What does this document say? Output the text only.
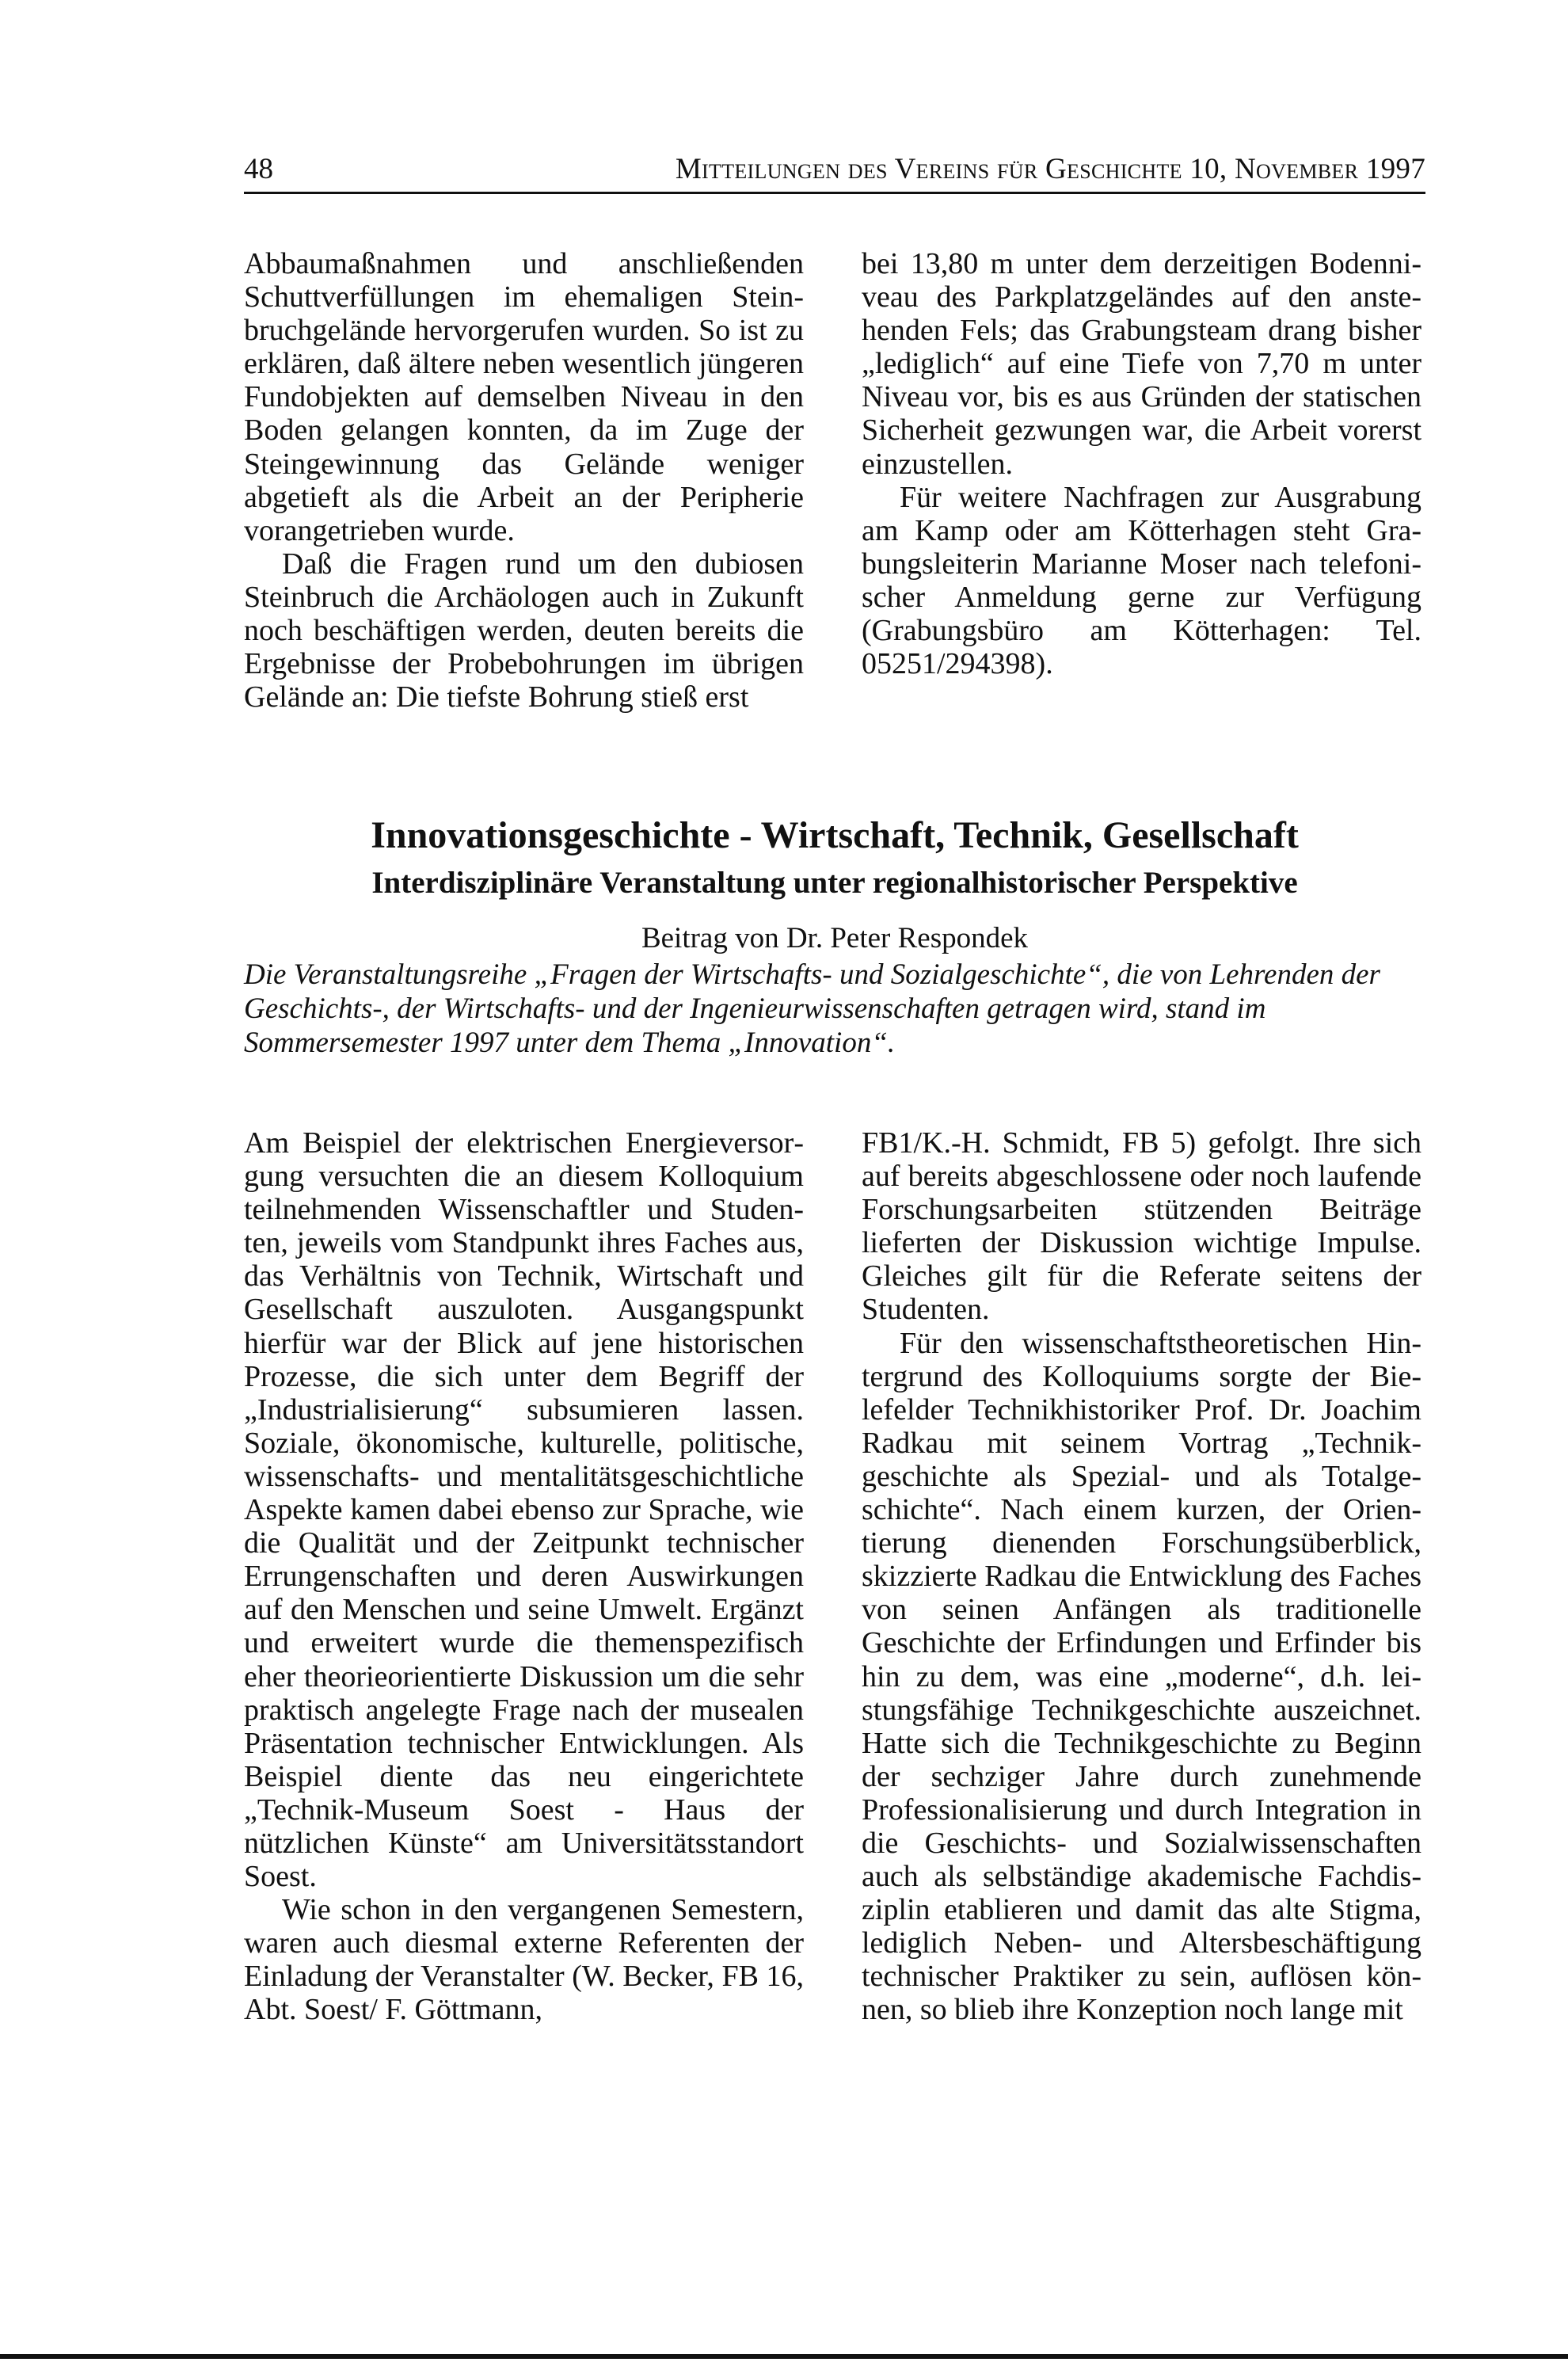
48	Mitteilungen des Vereins für Geschichte 10, November 1997

Abbaumaßnahmen und anschließenden Schuttverfüllungen im ehemaligen Steinbruchgelände hervorgerufen wurden. So ist zu erklären, daß ältere neben wesentlich jüngeren Fundobjekten auf demselben Niveau in den Boden gelangen konnten, da im Zuge der Steingewinnung das Gelände weniger abgetieft als die Arbeit an der Peripherie vorangetrieben wurde.

Daß die Fragen rund um den dubiosen Steinbruch die Archäologen auch in Zukunft noch beschäftigen werden, deuten bereits die Ergebnisse der Probebohrungen im übrigen Gelände an: Die tiefste Bohrung stieß erst

bei 13,80 m unter dem derzeitigen Bodenniveau des Parkplatzgeländes auf den anstehenden Fels; das Grabungsteam drang bisher „lediglich“ auf eine Tiefe von 7,70 m unter Niveau vor, bis es aus Gründen der statischen Sicherheit gezwungen war, die Arbeit vorerst einzustellen.

Für weitere Nachfragen zur Ausgrabung am Kamp oder am Kötterhagen steht Grabungsleiterin Marianne Moser nach telefonischer Anmeldung gerne zur Verfügung (Grabungsbüro am Kötterhagen: Tel. 05251/294398).

Innovationsgeschichte - Wirtschaft, Technik, Gesellschaft
Interdisziplinäre Veranstaltung unter regionalhistorischer Perspektive

Beitrag von Dr. Peter Respondek

Die Veranstaltungsreihe „Fragen der Wirtschafts- und Sozialgeschichte“, die von Lehrenden der Geschichts-, der Wirtschafts- und der Ingenieurwissenschaften getragen wird, stand im Sommersemester 1997 unter dem Thema „Innovation“.

Am Beispiel der elektrischen Energieversorgung versuchten die an diesem Kolloquium teilnehmenden Wissenschaftler und Studenten, jeweils vom Standpunkt ihres Faches aus, das Verhältnis von Technik, Wirtschaft und Gesellschaft auszuloten. Ausgangspunkt hierfür war der Blick auf jene historischen Prozesse, die sich unter dem Begriff der „Industrialisierung“ subsumieren lassen. Soziale, ökonomische, kulturelle, politische, wissenschafts- und mentalitätsgeschichtliche Aspekte kamen dabei ebenso zur Sprache, wie die Qualität und der Zeitpunkt technischer Errungenschaften und deren Auswirkungen auf den Menschen und seine Umwelt. Ergänzt und erweitert wurde die themenspezifisch eher theorieorientierte Diskussion um die sehr praktisch angelegte Frage nach der musealen Präsentation technischer Entwicklungen. Als Beispiel diente das neu eingerichtete „Technik-Museum Soest - Haus der nützlichen Künste“ am Universitätsstandort Soest.

Wie schon in den vergangenen Semestern, waren auch diesmal externe Referenten der Einladung der Veranstalter (W. Becker, FB 16, Abt. Soest/ F. Göttmann,

FB1/K.-H. Schmidt, FB 5) gefolgt. Ihre sich auf bereits abgeschlossene oder noch laufende Forschungsarbeiten stützenden Beiträge lieferten der Diskussion wichtige Impulse. Gleiches gilt für die Referate seitens der Studenten.

Für den wissenschaftstheoretischen Hintergrund des Kolloquiums sorgte der Bielefelder Technikhistoriker Prof. Dr. Joachim Radkau mit seinem Vortrag „Technikgeschichte als Spezial- und als Totalgeschichte“. Nach einem kurzen, der Orientierung dienenden Forschungsüberblick, skizzierte Radkau die Entwicklung des Faches von seinen Anfängen als traditionelle Geschichte der Erfindungen und Erfinder bis hin zu dem, was eine „moderne“, d.h. leistungsfähige Technikgeschichte auszeichnet. Hatte sich die Technikgeschichte zu Beginn der sechziger Jahre durch zunehmende Professionalisierung und durch Integration in die Geschichts- und Sozialwissenschaften auch als selbständige akademische Fachdisziplin etablieren und damit das alte Stigma, lediglich Neben- und Altersbeschäftigung technischer Praktiker zu sein, auflösen können, so blieb ihre Konzeption noch lange mit
